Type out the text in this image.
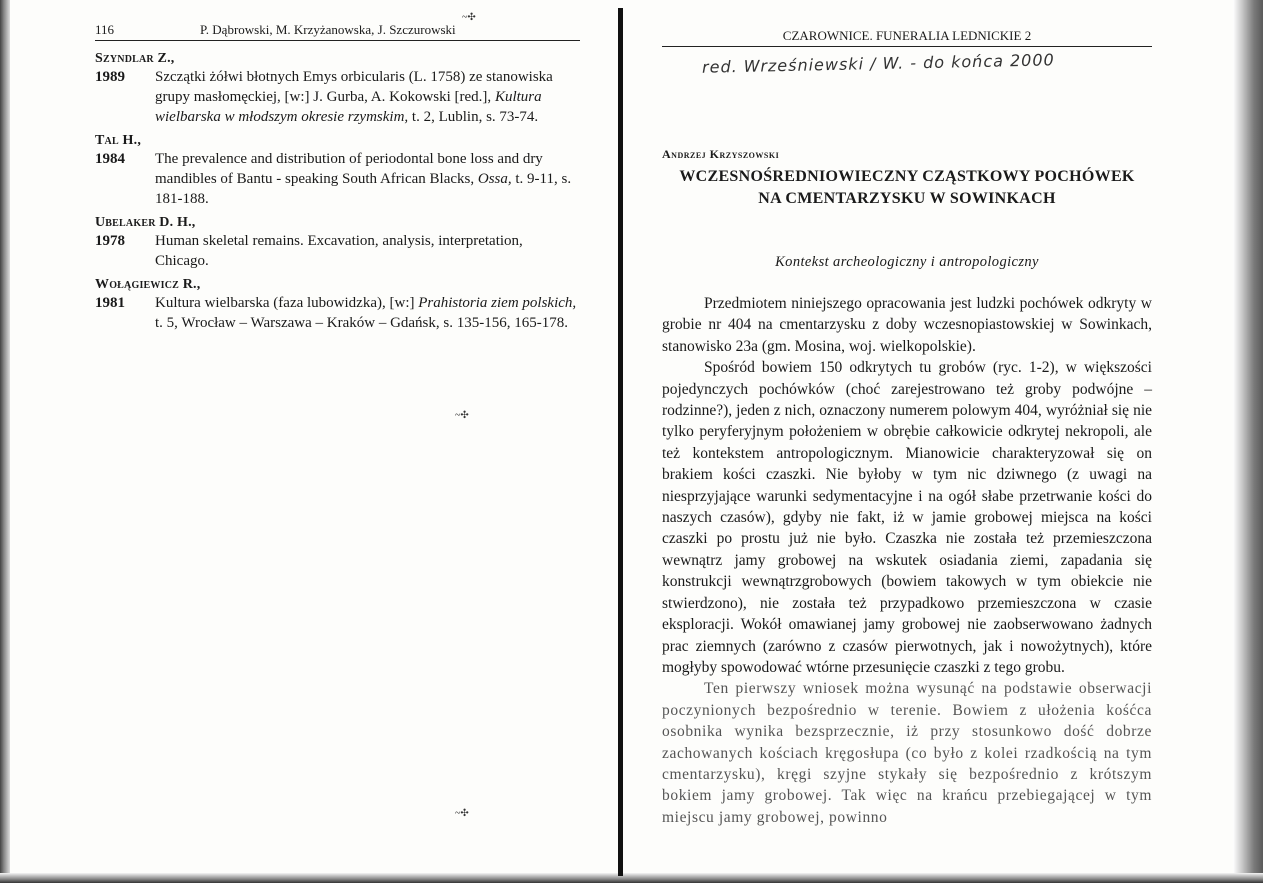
~✣
~✣
~✣
116	P. Dąbrowski, M. Krzyżanowska, J. Szczurowski
Szyndlar Z.,
1989	Szczątki żółwi błotnych Emys orbicularis (L. 1758) ze stanowiska grupy masłomęckiej, [w:] J. Gurba, A. Kokowski [red.], Kultura wielbarska w młodszym okresie rzymskim, t. 2, Lublin, s. 73-74.
Tal H.,
1984	The prevalence and distribution of periodontal bone loss and dry mandibles of Bantu - speaking South African Blacks, Ossa, t. 9-11, s. 181-188.
Ubelaker D. H.,
1978	Human skeletal remains. Excavation, analysis, interpretation, Chicago.
Wołągiewicz R.,
1981	Kultura wielbarska (faza lubowidzka), [w:] Prahistoria ziem polskich, t. 5, Wrocław – Warszawa – Kraków – Gdańsk, s. 135-156, 165-178.
CZAROWNICE. FUNERALIA LEDNICKIE 2
red. Wrześniewski / W. - do końca 2000
Andrzej Krzyszowski
WCZESNOŚREDNIOWIECZNY CZĄSTKOWY POCHÓWEK
NA CMENTARZYSKU W SOWINKACH
Kontekst archeologiczny i antropologiczny

Przedmiotem niniejszego opracowania jest ludzki pochówek odkryty w grobie nr 404 na cmentarzysku z doby wczesnopiastowskiej w Sowinkach, stanowisko 23a (gm. Mosina, woj. wielkopolskie).

Spośród bowiem 150 odkrytych tu grobów (ryc. 1-2), w większości pojedynczych pochówków (choć zarejestrowano też groby podwójne – rodzinne?), jeden z nich, oznaczony numerem polowym 404, wyróżniał się nie tylko peryferyjnym położeniem w obrębie całkowicie odkrytej nekropoli, ale też kontekstem antropologicznym. Mianowicie charakteryzował się on brakiem kości czaszki. Nie byłoby w tym nic dziwnego (z uwagi na niesprzyjające warunki sedymentacyjne i na ogół słabe przetrwanie kości do naszych czasów), gdyby nie fakt, iż w jamie grobowej miejsca na kości czaszki po prostu już nie było. Czaszka nie została też przemieszczona wewnątrz jamy grobowej na wskutek osiadania ziemi, zapadania się konstrukcji wewnątrzgrobowych (bowiem takowych w tym obiekcie nie stwierdzono), nie została też przypadkowo przemieszczona w czasie eksploracji. Wokół omawianej jamy grobowej nie zaobserwowano żadnych prac ziemnych (zarówno z czasów pierwotnych, jak i nowożytnych), które mogłyby spowodować wtórne przesunięcie czaszki z tego grobu.

Ten pierwszy wniosek można wysunąć na podstawie obserwacji poczynionych bezpośrednio w terenie. Bowiem z ułożenia kośćca osobnika wynika bezsprzecznie, iż przy stosunkowo dość dobrze zachowanych kościach kręgosłupa (co było z kolei rzadkością na tym cmentarzysku), kręgi szyjne stykały się bezpośrednio z krótszym bokiem jamy grobowej. Tak więc na krańcu przebiegającej w tym miejscu jamy grobowej, powinno
